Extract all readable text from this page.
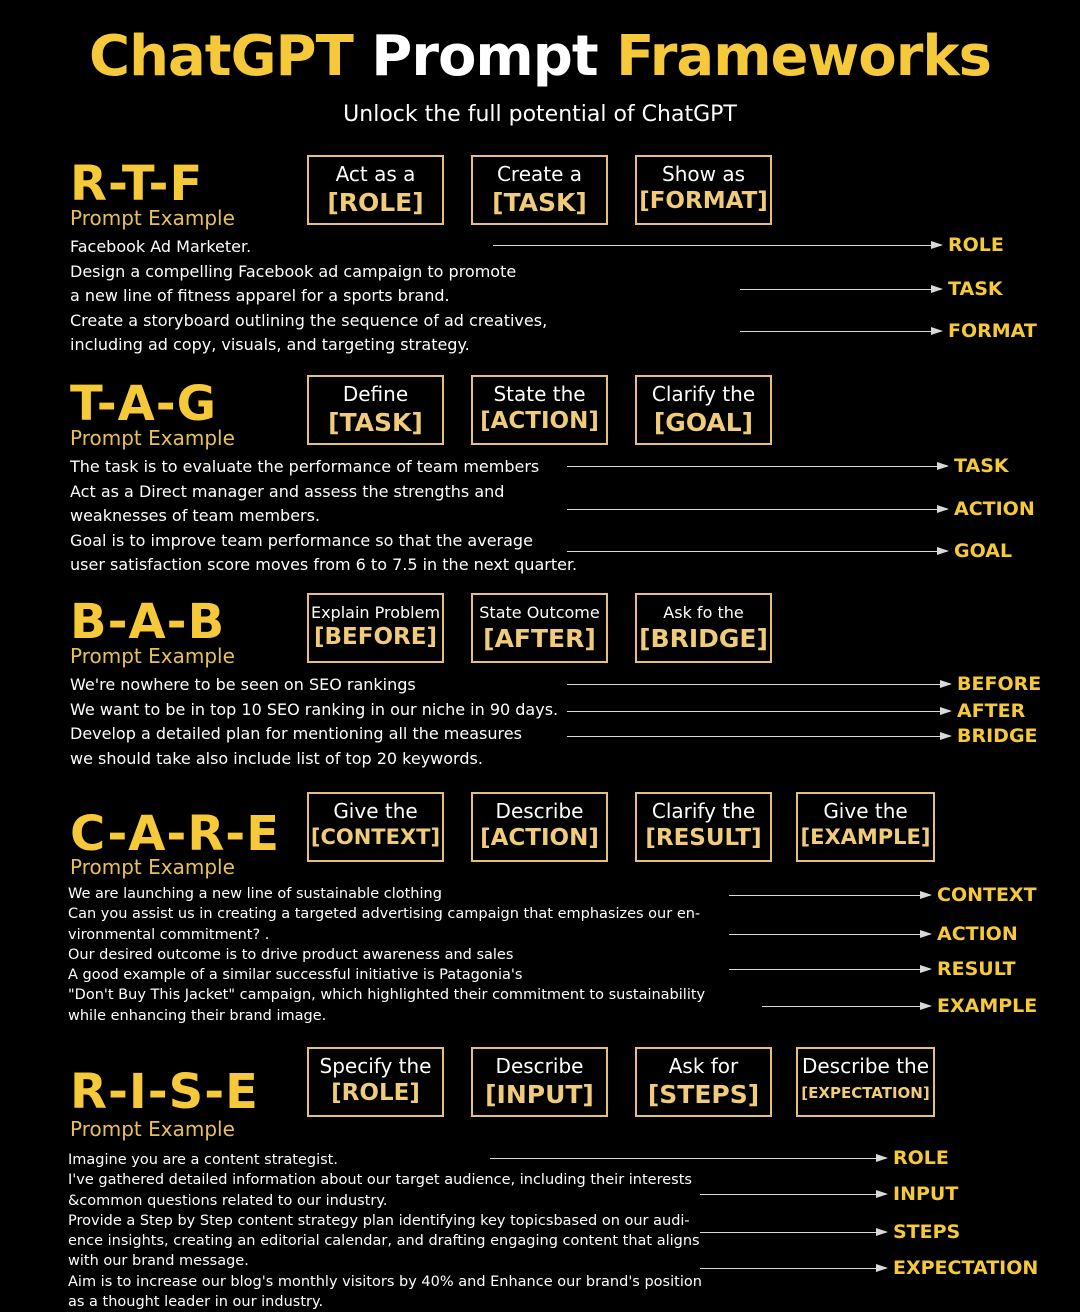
ChatGPT Prompt Frameworks
Unlock the full potential of ChatGPT
R-T-F
Prompt Example
Act as a
[ROLE]
Create a
[TASK]
Show as
[FORMAT]
Facebook Ad Marketer.
Design a compelling Facebook ad campaign to promote
a new line of fitness apparel for a sports brand.
Create a storyboard outlining the sequence of ad creatives,
including ad copy, visuals, and targeting strategy.
ROLE
TASK
FORMAT
T-A-G
Prompt Example
Define
[TASK]
State the
[ACTION]
Clarify the
[GOAL]
The task is to evaluate the performance of team members
Act as a Direct manager and assess the strengths and
weaknesses of team members.
Goal is to improve team performance so that the average
user satisfaction score moves from 6 to 7.5 in the next quarter.
TASK
ACTION
GOAL
B-A-B
Prompt Example
Explain Problem
[BEFORE]
State Outcome
[AFTER]
Ask fo the
[BRIDGE]
We're nowhere to be seen on SEO rankings
We want to be in top 10 SEO ranking in our niche in 90 days.
Develop a detailed plan for mentioning all the measures
we should take also include list of top 20 keywords.
BEFORE
AFTER
BRIDGE
C-A-R-E
Prompt Example
Give the
[CONTEXT]
Describe
[ACTION]
Clarify the
[RESULT]
Give the
[EXAMPLE]
We are launching a new line of sustainable clothing
Can you assist us in creating a targeted advertising campaign that emphasizes our en-
vironmental commitment? .
Our desired outcome is to drive product awareness and sales
A good example of a similar successful initiative is Patagonia's
"Don't Buy This Jacket" campaign, which highlighted their commitment to sustainability
while enhancing their brand image.
CONTEXT
ACTION
RESULT
EXAMPLE
R-I-S-E
Prompt Example
Specify the
[ROLE]
Describe
[INPUT]
Ask for
[STEPS]
Describe the
[EXPECTATION]
Imagine you are a content strategist.
I've gathered detailed information about our target audience, including their interests
&common questions related to our industry.
Provide a Step by Step content strategy plan identifying key topicsbased on our audi-
ence insights, creating an editorial calendar, and drafting engaging content that aligns
with our brand message.
Aim is to increase our blog's monthly visitors by 40% and Enhance our brand's position
as a thought leader in our industry.
ROLE
INPUT
STEPS
EXPECTATION
